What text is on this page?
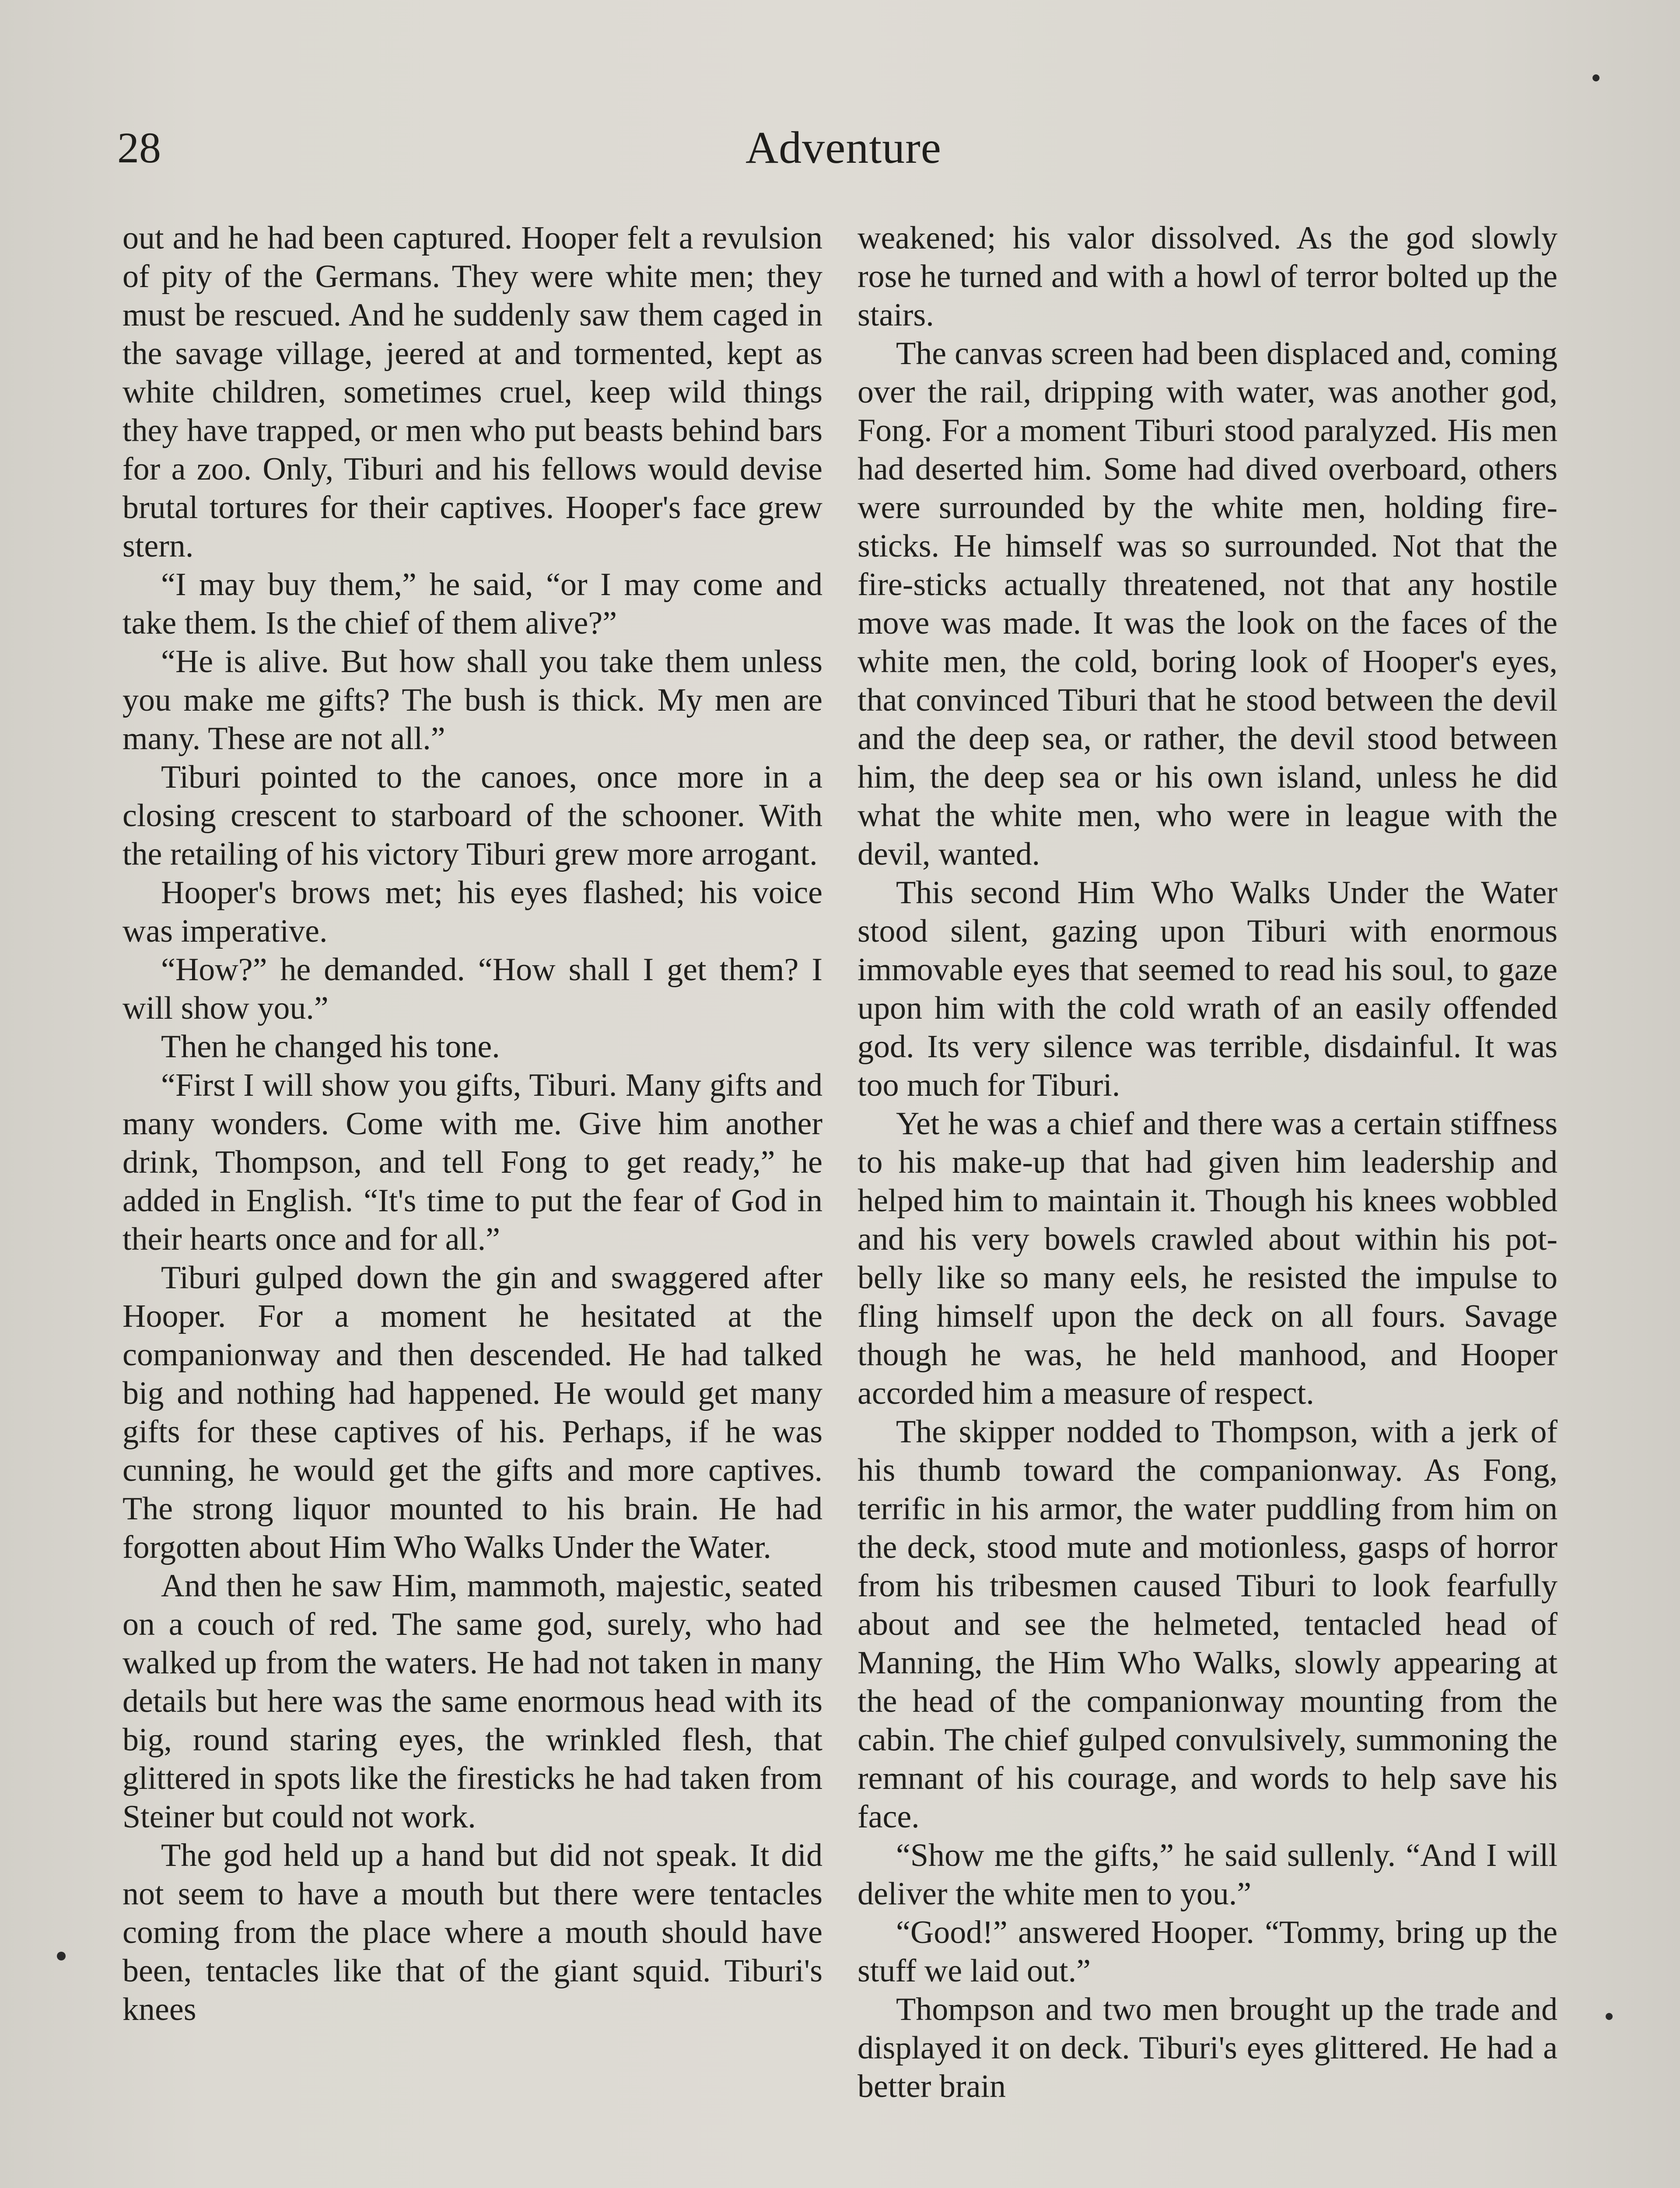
28	Adventure

out and he had been captured. Hooper felt a revulsion of pity of the Germans. They were white men; they must be rescued. And he suddenly saw them caged in the savage village, jeered at and tormented, kept as white children, sometimes cruel, keep wild things they have trapped, or men who put beasts behind bars for a zoo. Only, Tiburi and his fellows would devise brutal tortures for their captives. Hooper's face grew stern.

“I may buy them,” he said, “or I may come and take them. Is the chief of them alive?”

“He is alive. But how shall you take them unless you make me gifts? The bush is thick. My men are many. These are not all.”

Tiburi pointed to the canoes, once more in a closing crescent to starboard of the schooner. With the retailing of his victory Tiburi grew more arrogant.

Hooper's brows met; his eyes flashed; his voice was imperative.

“How?” he demanded. “How shall I get them? I will show you.”

Then he changed his tone.

“First I will show you gifts, Tiburi. Many gifts and many wonders. Come with me. Give him another drink, Thompson, and tell Fong to get ready,” he added in English. “It's time to put the fear of God in their hearts once and for all.”

Tiburi gulped down the gin and swaggered after Hooper. For a moment he hesitated at the companionway and then descended. He had talked big and nothing had happened. He would get many gifts for these captives of his. Perhaps, if he was cunning, he would get the gifts and more captives. The strong liquor mounted to his brain. He had forgotten about Him Who Walks Under the Water.

And then he saw Him, mammoth, majestic, seated on a couch of red. The same god, surely, who had walked up from the waters. He had not taken in many details but here was the same enormous head with its big, round staring eyes, the wrinkled flesh, that glittered in spots like the firesticks he had taken from Steiner but could not work.

The god held up a hand but did not speak. It did not seem to have a mouth but there were tentacles coming from the place where a mouth should have been, tentacles like that of the giant squid. Tiburi's knees

weakened; his valor dissolved. As the god slowly rose he turned and with a howl of terror bolted up the stairs.

The canvas screen had been displaced and, coming over the rail, dripping with water, was another god, Fong. For a moment Tiburi stood paralyzed. His men had deserted him. Some had dived overboard, others were surrounded by the white men, holding fire-sticks. He himself was so surrounded. Not that the fire-sticks actually threatened, not that any hostile move was made. It was the look on the faces of the white men, the cold, boring look of Hooper's eyes, that convinced Tiburi that he stood between the devil and the deep sea, or rather, the devil stood between him, the deep sea or his own island, unless he did what the white men, who were in league with the devil, wanted.

This second Him Who Walks Under the Water stood silent, gazing upon Tiburi with enormous immovable eyes that seemed to read his soul, to gaze upon him with the cold wrath of an easily offended god. Its very silence was terrible, disdainful. It was too much for Tiburi.

Yet he was a chief and there was a certain stiffness to his make-up that had given him leadership and helped him to maintain it. Though his knees wobbled and his very bowels crawled about within his pot-belly like so many eels, he resisted the impulse to fling himself upon the deck on all fours. Savage though he was, he held manhood, and Hooper accorded him a measure of respect.

The skipper nodded to Thompson, with a jerk of his thumb toward the companionway. As Fong, terrific in his armor, the water puddling from him on the deck, stood mute and motionless, gasps of horror from his tribesmen caused Tiburi to look fearfully about and see the helmeted, tentacled head of Manning, the Him Who Walks, slowly appearing at the head of the companionway mounting from the cabin. The chief gulped convulsively, summoning the remnant of his courage, and words to help save his face.

“Show me the gifts,” he said sullenly. “And I will deliver the white men to you.”

“Good!” answered Hooper. “Tommy, bring up the stuff we laid out.”

Thompson and two men brought up the trade and displayed it on deck. Tiburi's eyes glittered. He had a better brain
